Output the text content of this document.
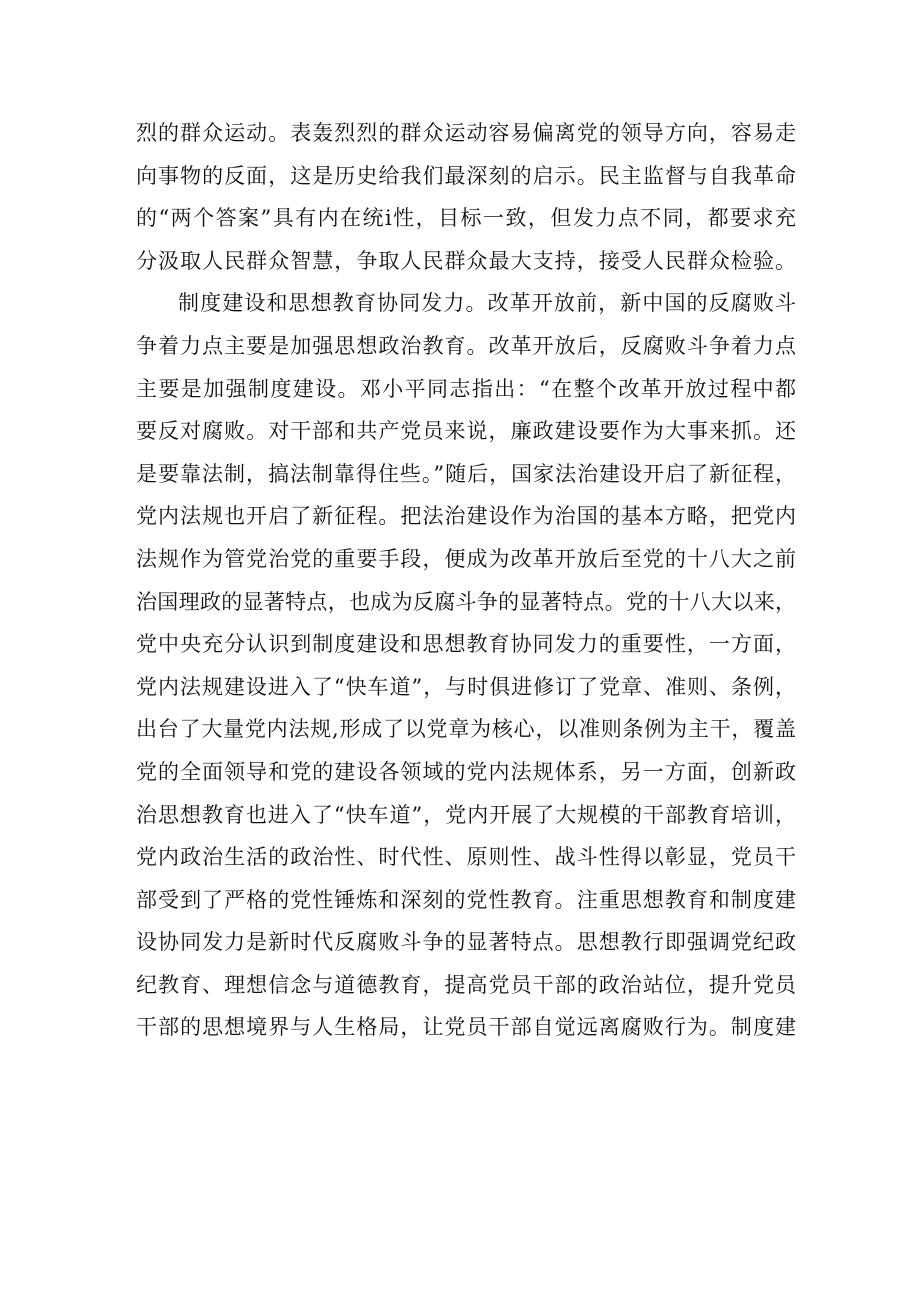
烈的群众运动。表轰烈烈的群众运动容易偏离党的领导方向，容易走
向事物的反面，这是历史给我们最深刻的启示。民主监督与自我革命
的“两个答案”具有内在统i性，目标一致，但发力点不同，都要求充
分汲取人民群众智慧，争取人民群众最大支持，接受人民群众检验。
制度建设和思想教育协同发力。改革开放前，新中国的反腐败斗
争着力点主要是加强思想政治教育。改革开放后，反腐败斗争着力点
主要是加强制度建设。邓小平同志指出：“在整个改革开放过程中都
要反对腐败。对干部和共产党员来说，廉政建设要作为大事来抓。还
是要靠法制，搞法制靠得住些。”随后，国家法治建设开启了新征程，
党内法规也开启了新征程。把法治建设作为治国的基本方略，把党内
法规作为管党治党的重要手段，便成为改革开放后至党的十八大之前
治国理政的显著特点，也成为反腐斗争的显著特点。党的十八大以来，
党中央充分认识到制度建设和思想教育协同发力的重要性，一方面，
党内法规建设进入了“快车道”，与时俱进修订了党章、准则、条例，
出台了大量党内法规,形成了以党章为核心，以准则条例为主干，覆盖
党的全面领导和党的建设各领域的党内法规体系，另一方面，创新政
治思想教育也进入了“快车道”，党内开展了大规模的干部教育培训，
党内政治生活的政治性、时代性、原则性、战斗性得以彰显，党员干
部受到了严格的党性锤炼和深刻的党性教育。注重思想教育和制度建
设协同发力是新时代反腐败斗争的显著特点。思想教行即强调党纪政
纪教育、理想信念与道德教育，提高党员干部的政治站位，提升党员
干部的思想境界与人生格局，让党员干部自觉远离腐败行为。制度建
